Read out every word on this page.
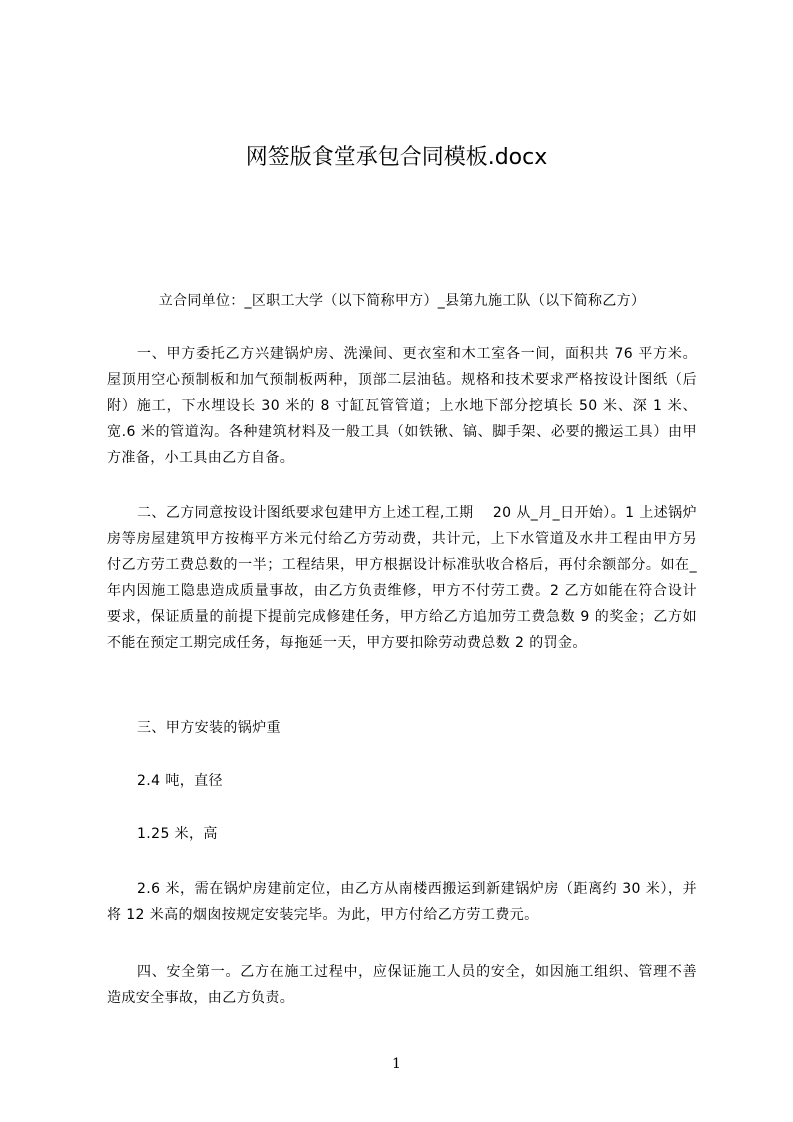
网签版食堂承包合同模板.docx

立合同单位：_区职工大学（以下简称甲方）_县第九施工队（以下简称乙方）

一、甲方委托乙方兴建锅炉房、洗澡间、更衣室和木工室各一间，面积共 76 平方米。屋顶用空心预制板和加气预制板两种，顶部二层油毡。规格和技术要求严格按设计图纸（后附）施工，下水埋设长 30 米的 8 寸缸瓦管管道；上水地下部分挖填长 50 米、深 1 米、宽.6 米的管道沟。各种建筑材料及一般工具（如铁锹、镐、脚手架、必要的搬运工具）由甲方准备，小工具由乙方自备。

二、乙方同意按设计图纸要求包建甲方上述工程,工期　 20 从_月_日开始）。1 上述锅炉房等房屋建筑甲方按梅平方米元付给乙方劳动费，共计元，上下水管道及水井工程由甲方另付乙方劳工费总数的一半；工程结果，甲方根据设计标准驮收合格后，再付余额部分。如在_年内因施工隐患造成质量事故，由乙方负责维修，甲方不付劳工费。2 乙方如能在符合设计要求，保证质量的前提下提前完成修建任务，甲方给乙方追加劳工费急数 9 的奖金；乙方如不能在预定工期完成任务，每拖延一天，甲方要扣除劳动费总数 2 的罚金。

三、甲方安装的锅炉重

2.4 吨，直径

1.25 米，高

2.6 米，需在锅炉房建前定位，由乙方从南楼西搬运到新建锅炉房（距离约 30 米），并将 12 米高的烟囱按规定安装完毕。为此，甲方付给乙方劳工费元。

四、安全第一。乙方在施工过程中，应保证施工人员的安全，如因施工组织、管理不善造成安全事故，由乙方负责。

1
